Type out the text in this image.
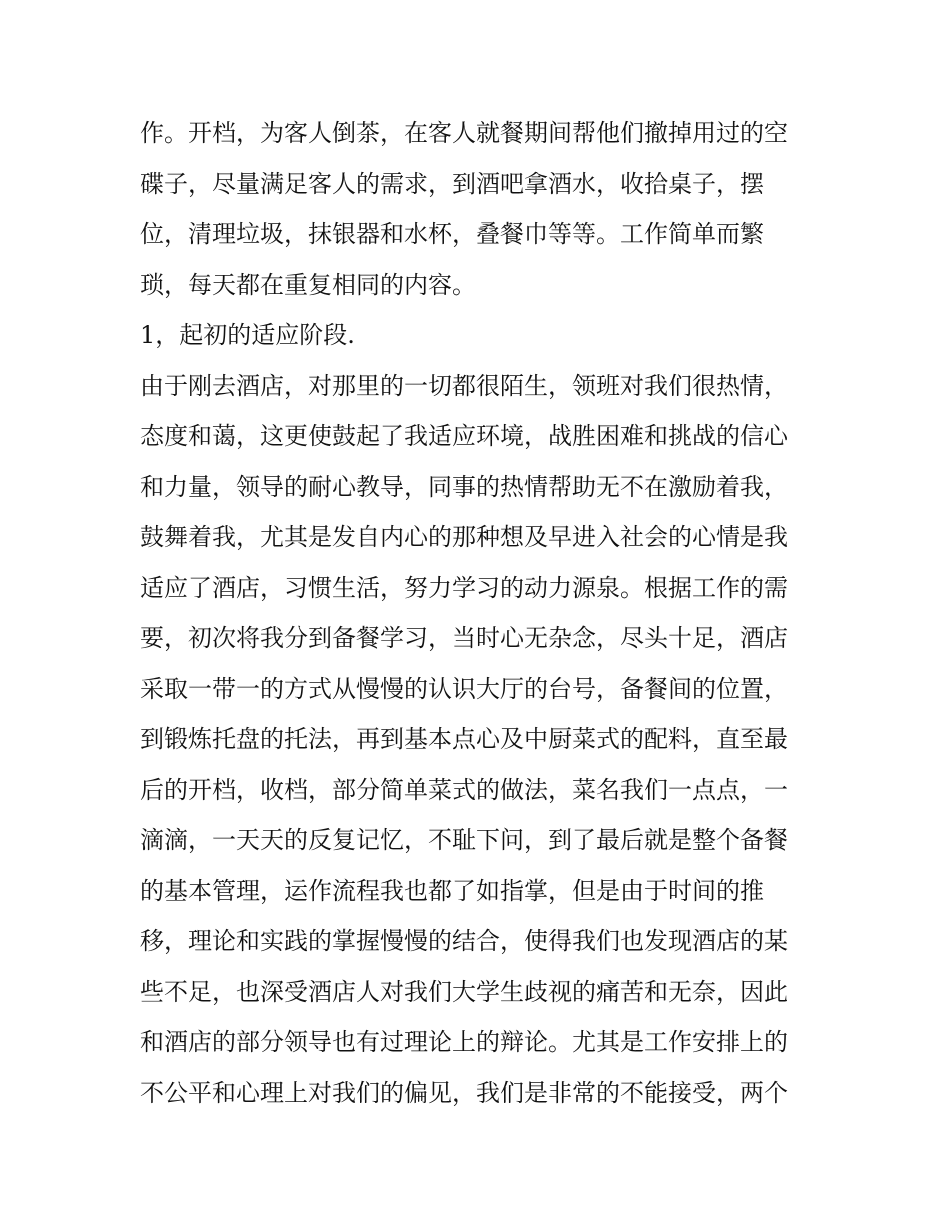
作。开档，为客人倒茶，在客人就餐期间帮他们撤掉用过的空
碟子，尽量满足客人的需求，到酒吧拿酒水，收拾桌子，摆
位，清理垃圾，抹银器和水杯，叠餐巾等等。工作简单而繁
琐，每天都在重复相同的内容。
1，起初的适应阶段.
由于刚去酒店，对那里的一切都很陌生，领班对我们很热情，
态度和蔼，这更使鼓起了我适应环境，战胜困难和挑战的信心
和力量，领导的耐心教导，同事的热情帮助无不在激励着我，
鼓舞着我，尤其是发自内心的那种想及早进入社会的心情是我
适应了酒店，习惯生活，努力学习的动力源泉。根据工作的需
要，初次将我分到备餐学习，当时心无杂念，尽头十足，酒店
采取一带一的方式从慢慢的认识大厅的台号，备餐间的位置，
到锻炼托盘的托法，再到基本点心及中厨菜式的配料，直至最
后的开档，收档，部分简单菜式的做法，菜名我们一点点，一
滴滴，一天天的反复记忆，不耻下问，到了最后就是整个备餐
的基本管理，运作流程我也都了如指掌，但是由于时间的推
移，理论和实践的掌握慢慢的结合，使得我们也发现酒店的某
些不足，也深受酒店人对我们大学生歧视的痛苦和无奈，因此
和酒店的部分领导也有过理论上的辩论。尤其是工作安排上的
不公平和心理上对我们的偏见，我们是非常的不能接受，两个
